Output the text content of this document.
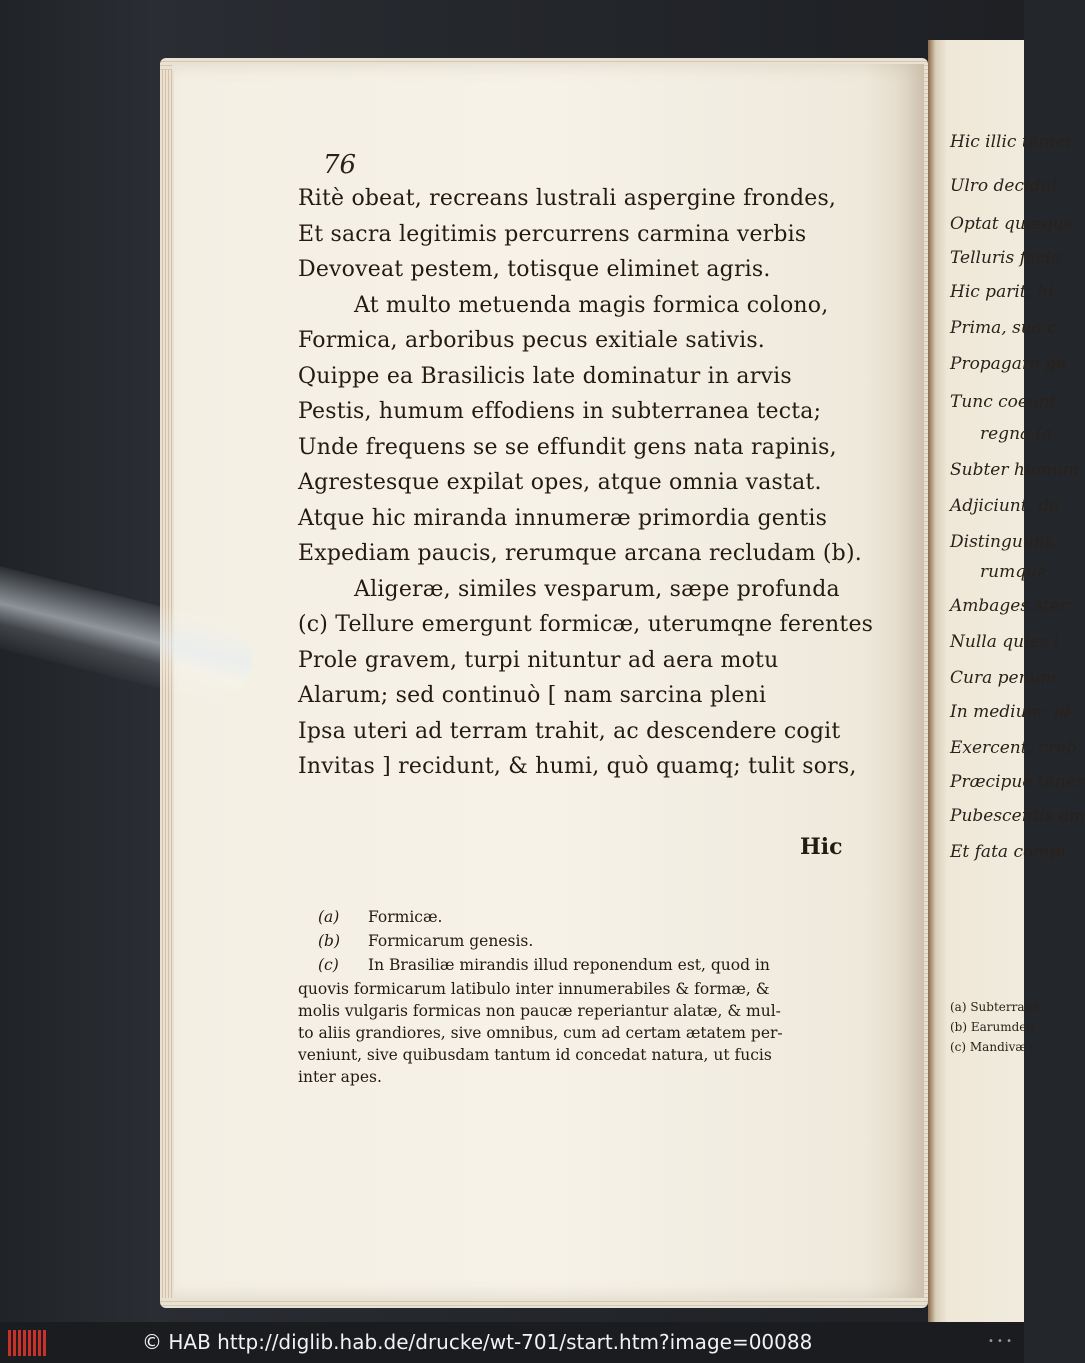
Hic illic temer
Ulro decidui
Optat quæque
Telluris facie
Hic parit, hi
Prima, suo c
Propagare ge
Tunc coeunt
regna (a
Subter humum
Adjiciunt, do
Distinguunt,
rumque
Ambages ster
Nulla quies i
Cura penum
In medium: id
Exercent, creb
Præcipuè tener
Pubescentis am
Et fata compi
(a) Subterrane
(b) Earumden
(c) Mandivæ c
76
Ritè obeat, recreans lustrali aspergine frondes,
Et sacra legitimis percurrens carmina verbis
Devoveat pestem, totisque eliminet agris.
At multo metuenda magis formica colono,
Formica, arboribus pecus exitiale sativis.
Quippe ea Brasilicis late dominatur in arvis
Pestis, humum effodiens in subterranea tecta;
Unde frequens se se effundit gens nata rapinis,
Agrestesque expilat opes, atque omnia vastat.
Atque hic miranda innumeræ primordia gentis
Expediam paucis, rerumque arcana recludam (b).
Aligeræ, similes vesparum, sæpe profunda
(c) Tellure emergunt formicæ, uterumqne ferentes
Prole gravem, turpi nituntur ad aera motu
Alarum; sed continuò [ nam sarcina pleni
Ipsa uteri ad terram trahit, ac descendere cogit
Invitas ] recidunt, & humi, quò quamq; tulit sors,
Hic
(a) Formicæ.
(b) Formicarum genesis.
(c) In Brasiliæ mirandis illud reponendum est, quod in
quovis formicarum latibulo inter innumerabiles & formæ, &
molis vulgaris formicas non paucæ reperiantur alatæ, & mul-
to aliis grandiores, sive omnibus, cum ad certam ætatem per-
veniunt, sive quibusdam tantum id concedat natura, ut fucis
inter apes.
© HAB http://diglib.hab.de/drucke/wt-701/start.htm?image=00088	• • •
